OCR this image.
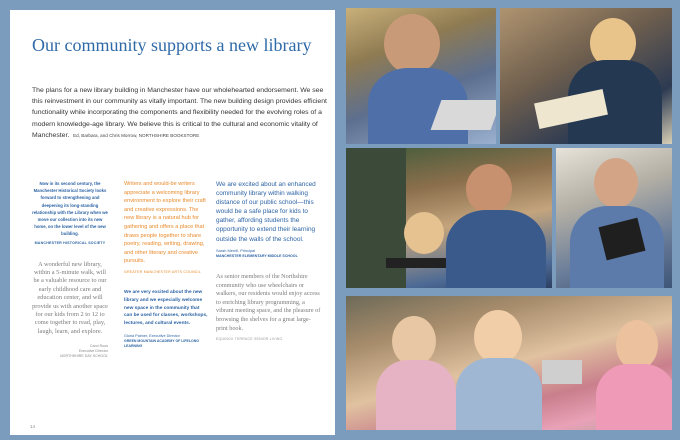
Our community supports a new library

The plans for a new library building in Manchester have our wholehearted endorsement. We see this reinvestment in our community as vitally important. The new building design provides efficient functionality while incorporating the components and flexibility needed for the evolving roles of a modern knowledge-age library. We believe this is critical to the cultural and economic vitality of Manchester. Ed, Barbara, and Chris Morrow, NORTHSHIRE BOOKSTORE

Now in its second century, the Manchester Historical Society looks forward to strengthening and deepening its long-standing relationship with the Library when we move our collection into its new home, on the lower level of the new building.

MANCHESTER HISTORICAL SOCIETY

A wonderful new library, within a 5-minute walk, will be a valuable resource to our early childhood care and education center, and will provide us with another space for our kids from 2 to 12 to come together to read, play, laugh, learn, and explore.

Carol Roos
Executive Director
NORTHSHIRE DAY SCHOOL

Writers and would-be writers appreciate a welcoming library environment to explore their craft and creative expressions. The new library is a natural hub for gathering and offers a place that draws people together to share poetry, reading, writing, drawing, and other literary and creative pursuits.

GREATER MANCHESTER ARTS COUNCIL

We are very excited about the new library and we especially welcome new space in the community that can be used for classes, workshops, lectures, and cultural events.

Gloria Palmer, Executive Director
GREEN MOUNTAIN ACADEMY OF LIFELONG LEARNING

We are excited about an enhanced community library within walking distance of our public school—this would be a safe place for kids to gather, affording students the opportunity to extend their learning outside the walls of the school.

Sarah Merrill, Principal
MANCHESTER ELEMENTARY MIDDLE SCHOOL

As senior members of the Northshire community who use wheelchairs or walkers, our residents would enjoy access to enriching library programming, a vibrant meeting space, and the pleasure of browsing the shelves for a great large-print book.

EQUINOX TERRACE SENIOR LIVING

14
